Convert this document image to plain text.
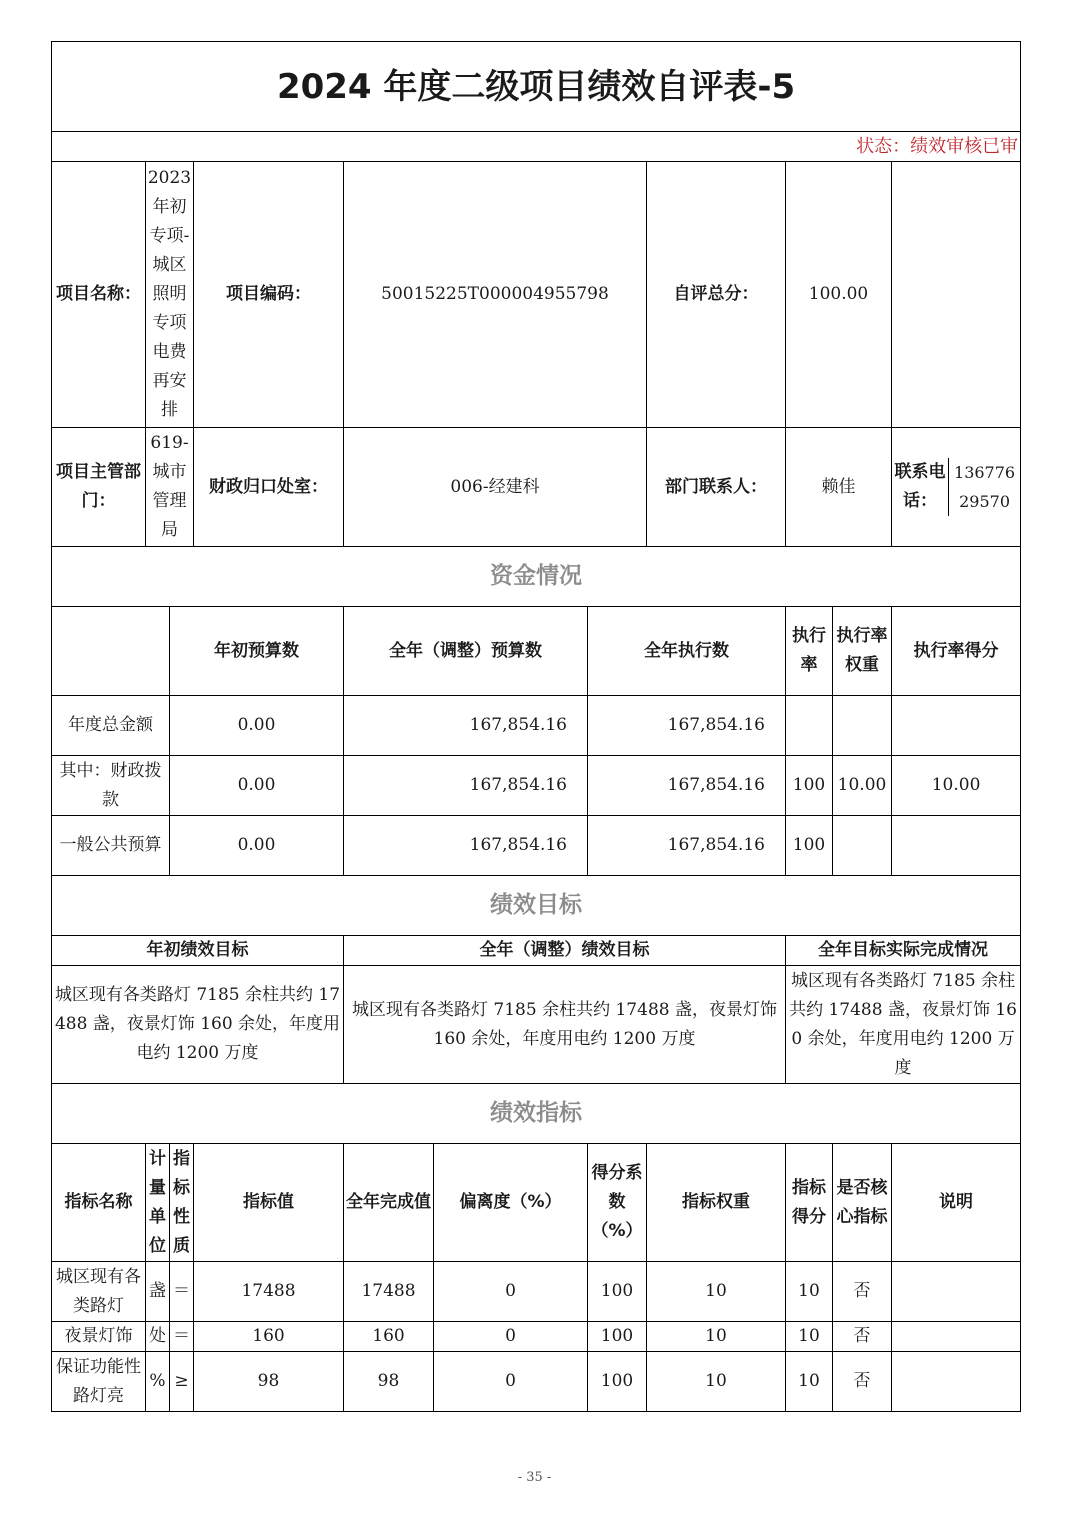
2024 年度二级项目绩效自评表-5										
状态：绩效审核已审										
项目名称：	2023年初专项-城区照明专项电费再安排		项目编码：	50015225T000004955798			自评总分：	100.00		
项目主管部门：	619-城市管理局		财政归口处室：	006-经建科			部门联系人：	赖佳		联系电话：
13677629570

资金情况										
		年初预算数		全年（调整）预算数		全年执行数		执行率	执行率权重	执行率得分
年度总金额		0.00		167,854.16		167,854.16				
其中：财政拨款		0.00		167,854.16		167,854.16		100	10.00	10.00
一般公共预算		0.00		167,854.16		167,854.16		100		
绩效目标										
年初绩效目标				全年（调整）绩效目标				全年目标实际完成情况		
城区现有各类路灯 7185 余柱共约 17488 盏，夜景灯饰 160 余处，年度用电约 1200 万度				城区现有各类路灯 7185 余柱共约 17488 盏，夜景灯饰 160 余处，年度用电约 1200 万度				城区现有各类路灯 7185 余柱共约 17488 盏，夜景灯饰 160 余处，年度用电约 1200 万度		
绩效指标										
指标名称	计量单位	指标性质	指标值	全年完成值	偏离度（%）	得分系数（%）	指标权重	指标得分	是否核心指标	说明
城区现有各类路灯	盏	＝	17488	17488	0	100	10	10	否	
夜景灯饰	处	＝	160	160	0	100	10	10	否	
保证功能性路灯亮	%	≥	98	98	0	100	10	10	否	
- 35 -
